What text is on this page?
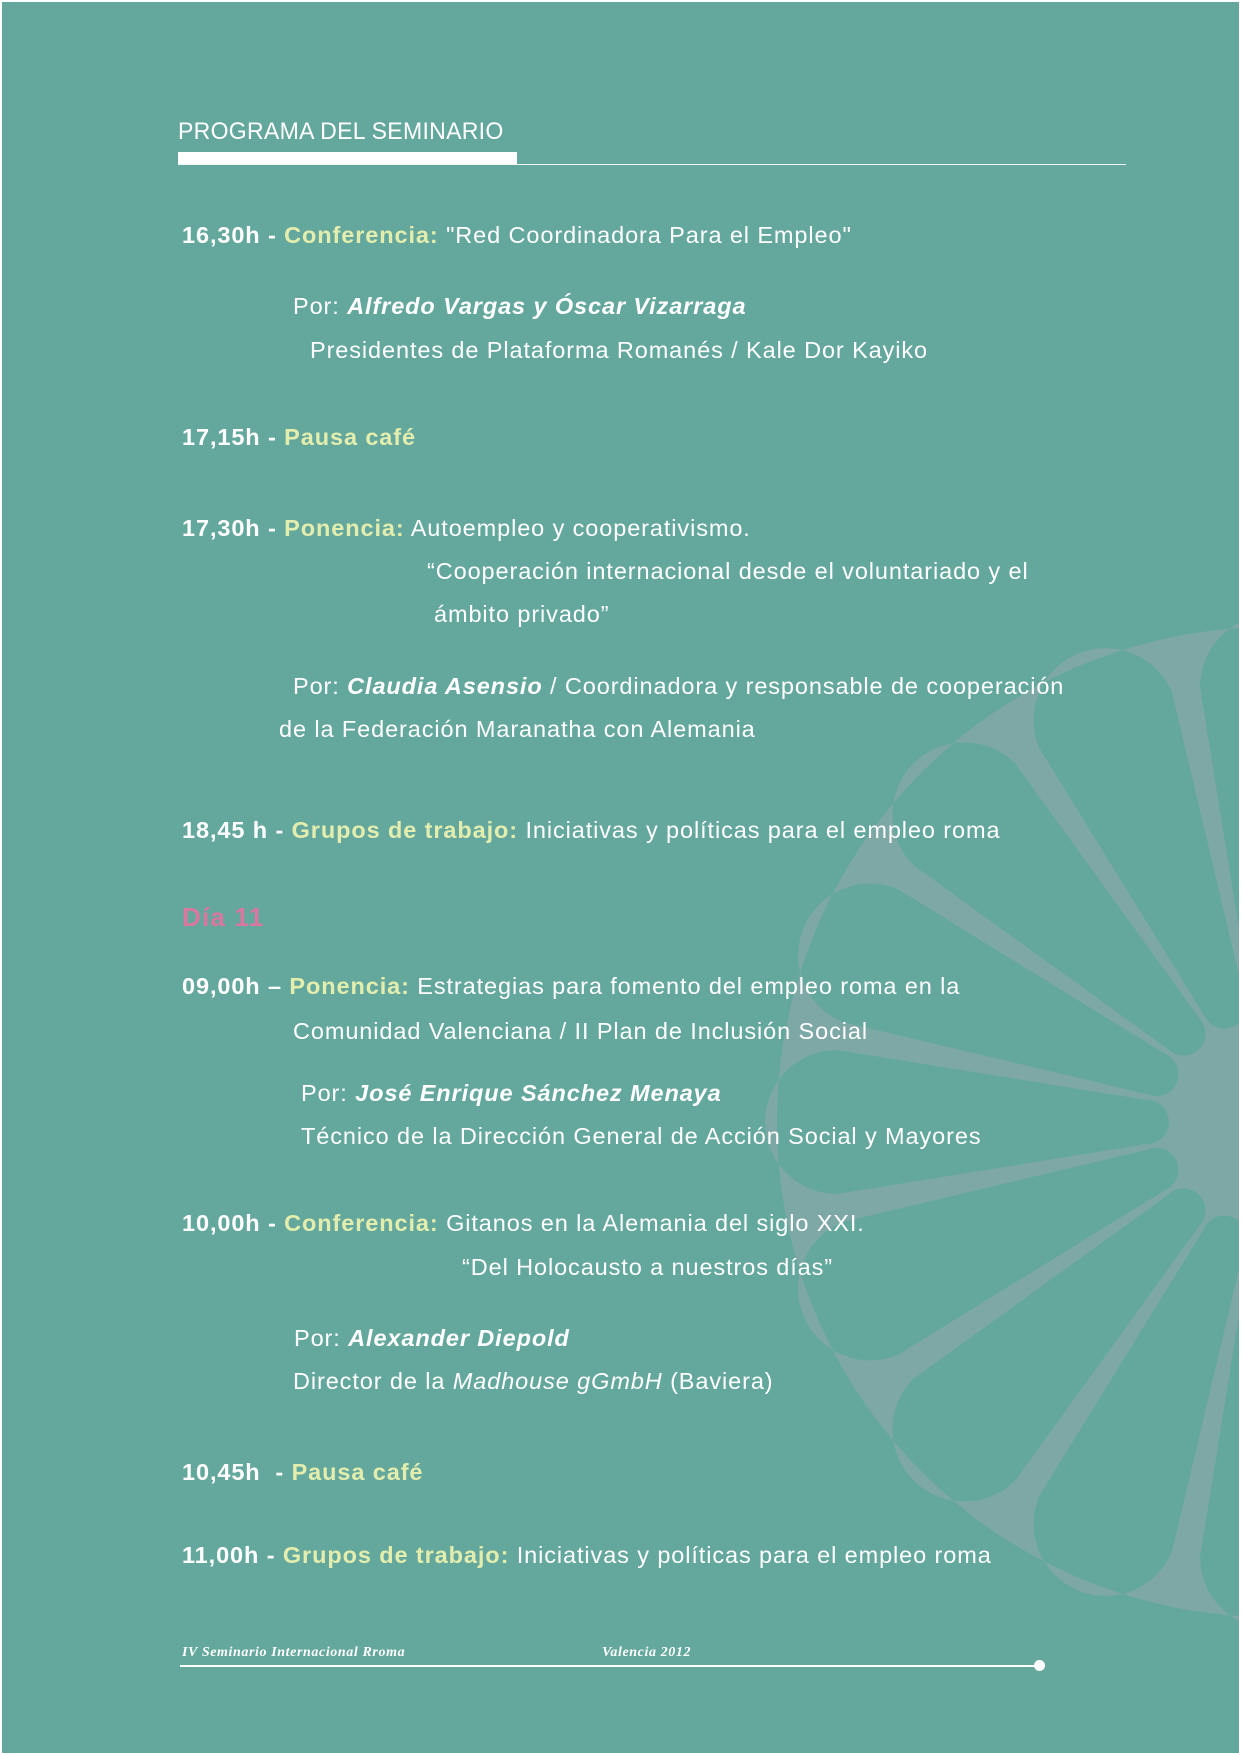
PROGRAMA DEL SEMINARIO
16,30h - Conferencia: "Red Coordinadora Para el Empleo"
Por: Alfredo Vargas y Óscar Vizarraga
Presidentes de Plataforma Romanés / Kale Dor Kayiko
17,15h - Pausa café
17,30h - Ponencia: Autoempleo y cooperativismo.
“Cooperación internacional desde el voluntariado y el
ámbito privado”
Por: Claudia Asensio / Coordinadora y responsable de cooperación
de la Federación Maranatha con Alemania
18,45 h - Grupos de trabajo: Iniciativas y políticas para el empleo roma
Día 11
09,00h – Ponencia: Estrategias para fomento del empleo roma en la
Comunidad Valenciana / II Plan de Inclusión Social
Por: José Enrique Sánchez Menaya
Técnico de la Dirección General de Acción Social y Mayores
10,00h - Conferencia: Gitanos en la Alemania del siglo XXI.
“Del Holocausto a nuestros días”
Por: Alexander Diepold
Director de la Madhouse gGmbH (Baviera)
10,45h - Pausa café
11,00h - Grupos de trabajo: Iniciativas y políticas para el empleo roma
IV Seminario Internacional Rroma	Valencia 2012
